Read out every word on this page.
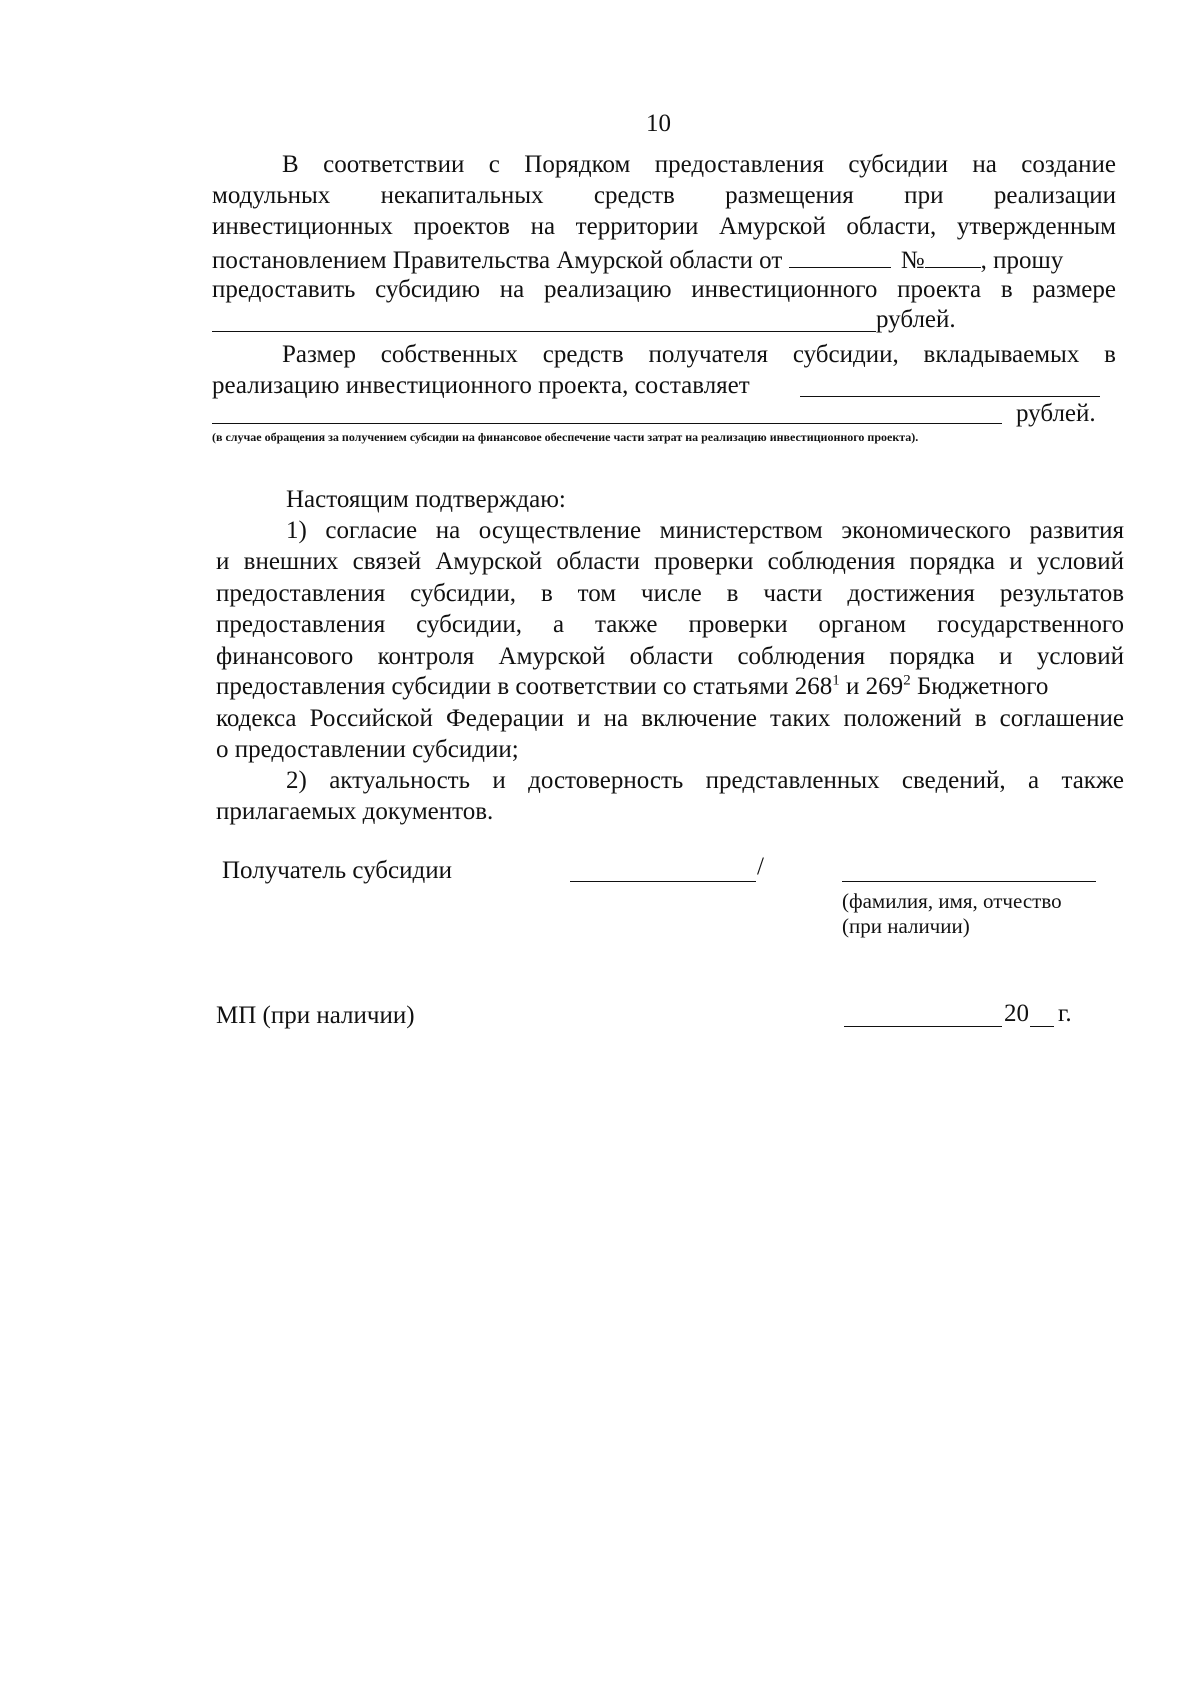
10
В соответствии с Порядком предоставления субсидии на создание
модульных некапитальных средств размещения при реализации
инвестиционных проектов на территории Амурской области, утвержденным
постановлением Правительства Амурской области от	№ , прошу
предоставить субсидию на реализацию инвестиционного проекта в размере
рублей.
Размер собственных средств получателя субсидии, вкладываемых в
реализацию инвестиционного проекта, составляет
рублей.
(в случае обращения за получением субсидии на финансовое обеспечение части затрат на реализацию инвестиционного проекта).
Настоящим подтверждаю:
1) согласие на осуществление министерством экономического развития
и внешних связей Амурской области проверки соблюдения порядка и условий
предоставления субсидии, в том числе в части достижения результатов
предоставления субсидии, а также проверки органом государственного
финансового контроля Амурской области соблюдения порядка и условий
предоставления субсидии в соответствии со статьями $268^1$ и $269^2$ Бюджетного
кодекса Российской Федерации и на включение таких положений в соглашение
о предоставлении субсидии;
2) актуальность и достоверность представленных сведений, а также
прилагаемых документов.
Получатель субсидии	/
(фамилия, имя, отчество
(при наличии)
МП (при наличии)	20 г.
